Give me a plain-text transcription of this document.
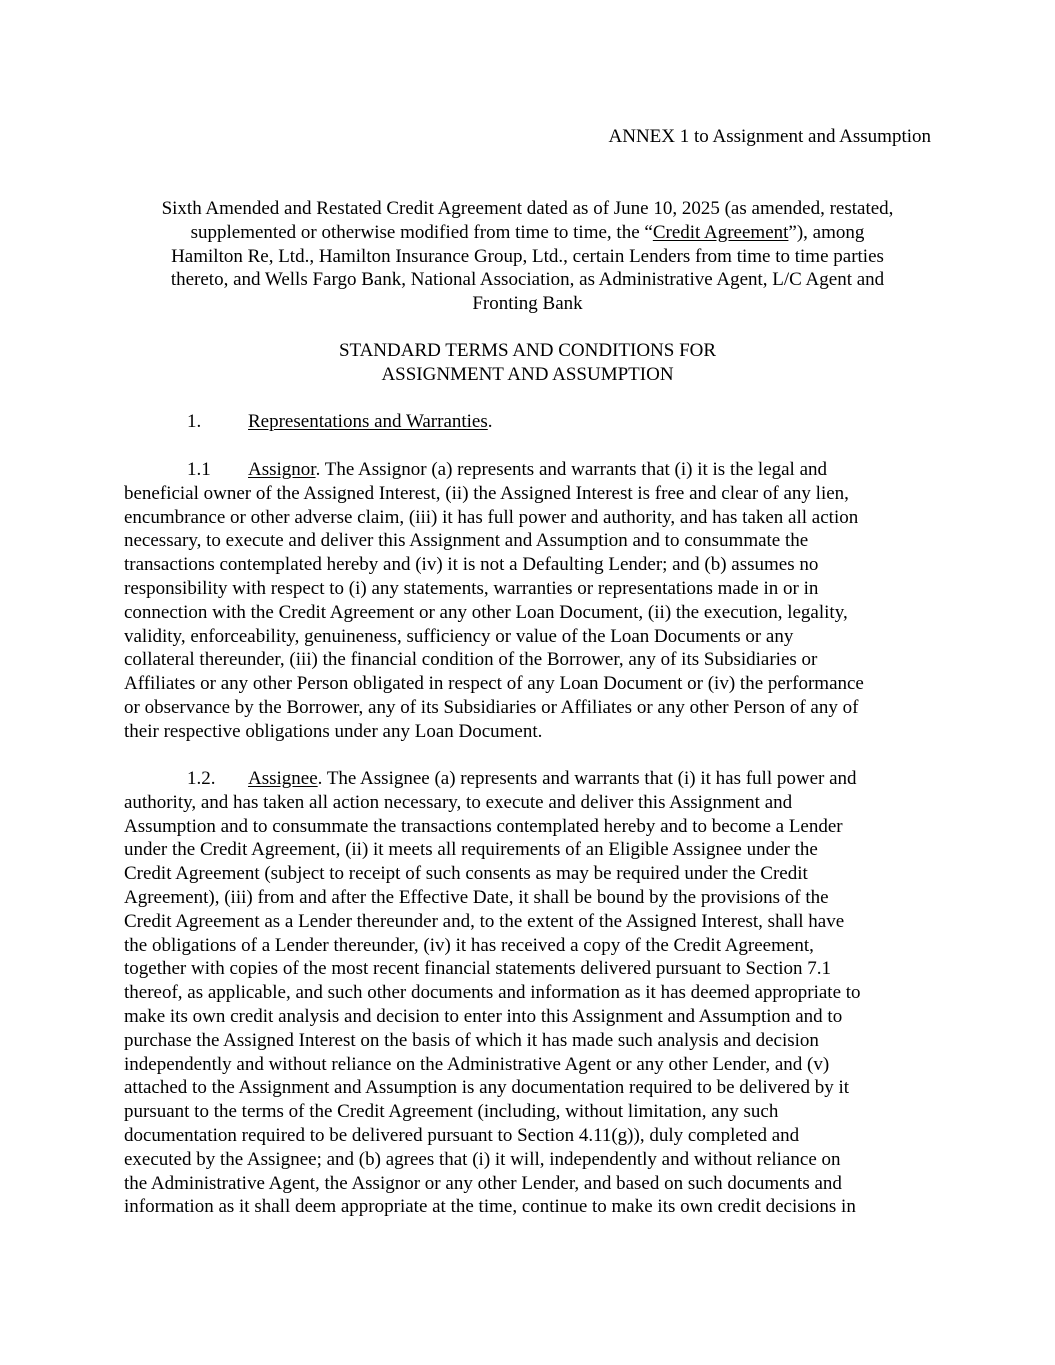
ANNEX 1 to Assignment and Assumption
Sixth Amended and Restated Credit Agreement dated as of June 10, 2025 (as amended, restated,
supplemented or otherwise modified from time to time, the “Credit Agreement”), among
Hamilton Re, Ltd., Hamilton Insurance Group, Ltd., certain Lenders from time to time parties
thereto, and Wells Fargo Bank, National Association, as Administrative Agent, L/C Agent and
Fronting Bank
STANDARD TERMS AND CONDITIONS FOR
ASSIGNMENT AND ASSUMPTION
1. Representations and Warranties.
1.1 Assignor. The Assignor (a) represents and warrants that (i) it is the legal and
beneficial owner of the Assigned Interest, (ii) the Assigned Interest is free and clear of any lien,
encumbrance or other adverse claim, (iii) it has full power and authority, and has taken all action
necessary, to execute and deliver this Assignment and Assumption and to consummate the
transactions contemplated hereby and (iv) it is not a Defaulting Lender; and (b) assumes no
responsibility with respect to (i) any statements, warranties or representations made in or in
connection with the Credit Agreement or any other Loan Document, (ii) the execution, legality,
validity, enforceability, genuineness, sufficiency or value of the Loan Documents or any
collateral thereunder, (iii) the financial condition of the Borrower, any of its Subsidiaries or
Affiliates or any other Person obligated in respect of any Loan Document or (iv) the performance
or observance by the Borrower, any of its Subsidiaries or Affiliates or any other Person of any of
their respective obligations under any Loan Document.
1.2. Assignee. The Assignee (a) represents and warrants that (i) it has full power and
authority, and has taken all action necessary, to execute and deliver this Assignment and
Assumption and to consummate the transactions contemplated hereby and to become a Lender
under the Credit Agreement, (ii) it meets all requirements of an Eligible Assignee under the
Credit Agreement (subject to receipt of such consents as may be required under the Credit
Agreement), (iii) from and after the Effective Date, it shall be bound by the provisions of the
Credit Agreement as a Lender thereunder and, to the extent of the Assigned Interest, shall have
the obligations of a Lender thereunder, (iv) it has received a copy of the Credit Agreement,
together with copies of the most recent financial statements delivered pursuant to Section 7.1
thereof, as applicable, and such other documents and information as it has deemed appropriate to
make its own credit analysis and decision to enter into this Assignment and Assumption and to
purchase the Assigned Interest on the basis of which it has made such analysis and decision
independently and without reliance on the Administrative Agent or any other Lender, and (v)
attached to the Assignment and Assumption is any documentation required to be delivered by it
pursuant to the terms of the Credit Agreement (including, without limitation, any such
documentation required to be delivered pursuant to Section 4.11(g)), duly completed and
executed by the Assignee; and (b) agrees that (i) it will, independently and without reliance on
the Administrative Agent, the Assignor or any other Lender, and based on such documents and
information as it shall deem appropriate at the time, continue to make its own credit decisions in
